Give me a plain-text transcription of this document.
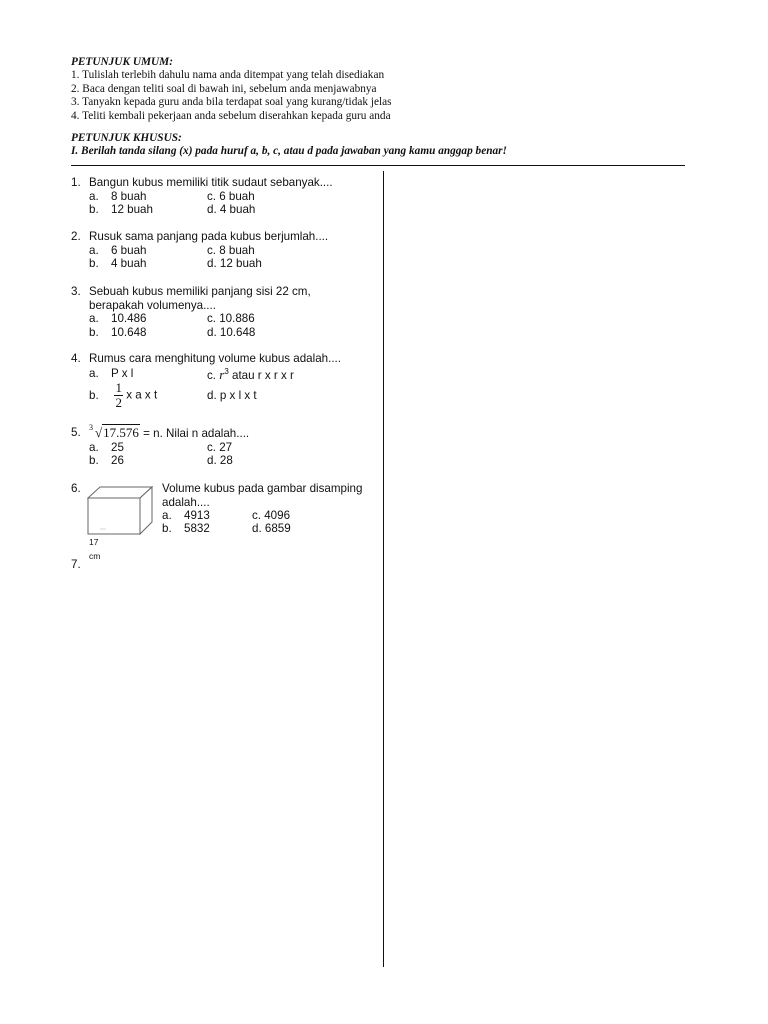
PETUNJUK UMUM:
1. Tulislah terlebih dahulu nama anda ditempat yang telah disediakan
2. Baca dengan teliti soal di bawah ini, sebelum anda menjawabnya
3. Tanyakn kepada guru anda bila terdapat soal yang kurang/tidak jelas
4. Teliti kembali pekerjaan anda sebelum diserahkan kepada guru anda
PETUNJUK KHUSUS:
I. Berilah tanda silang (x) pada huruf a, b, c, atau d pada jawaban yang kamu anggap benar!
1. Bangun kubus memiliki titik sudaut sebanyak....
a. 8 buah	c. 6 buah
b. 12 buah	d. 4 buah
2. Rusuk sama panjang pada kubus berjumlah....
a. 6 buah	c. 8 buah
b. 4 buah	d. 12 buah
3. Sebuah kubus memiliki panjang sisi 22 cm, berapakah volumenya....
a. 10.486	c. 10.886
b. 10.648	d. 10.648
4. Rumus cara menghitung volume kubus adalah....
a. P x l	c. $r^3$ atau r x r x r
b. $\frac{1}{2}$ x a x t	d. p x l x t
5. 3 √17.576 = n. Nilai n adalah....
a. 25	c. 27
b. 26	d. 28
6.
17 cm
Volume kubus pada gambar disamping adalah....
a. 4913	c. 4096
b. 5832	d. 6859
7.
